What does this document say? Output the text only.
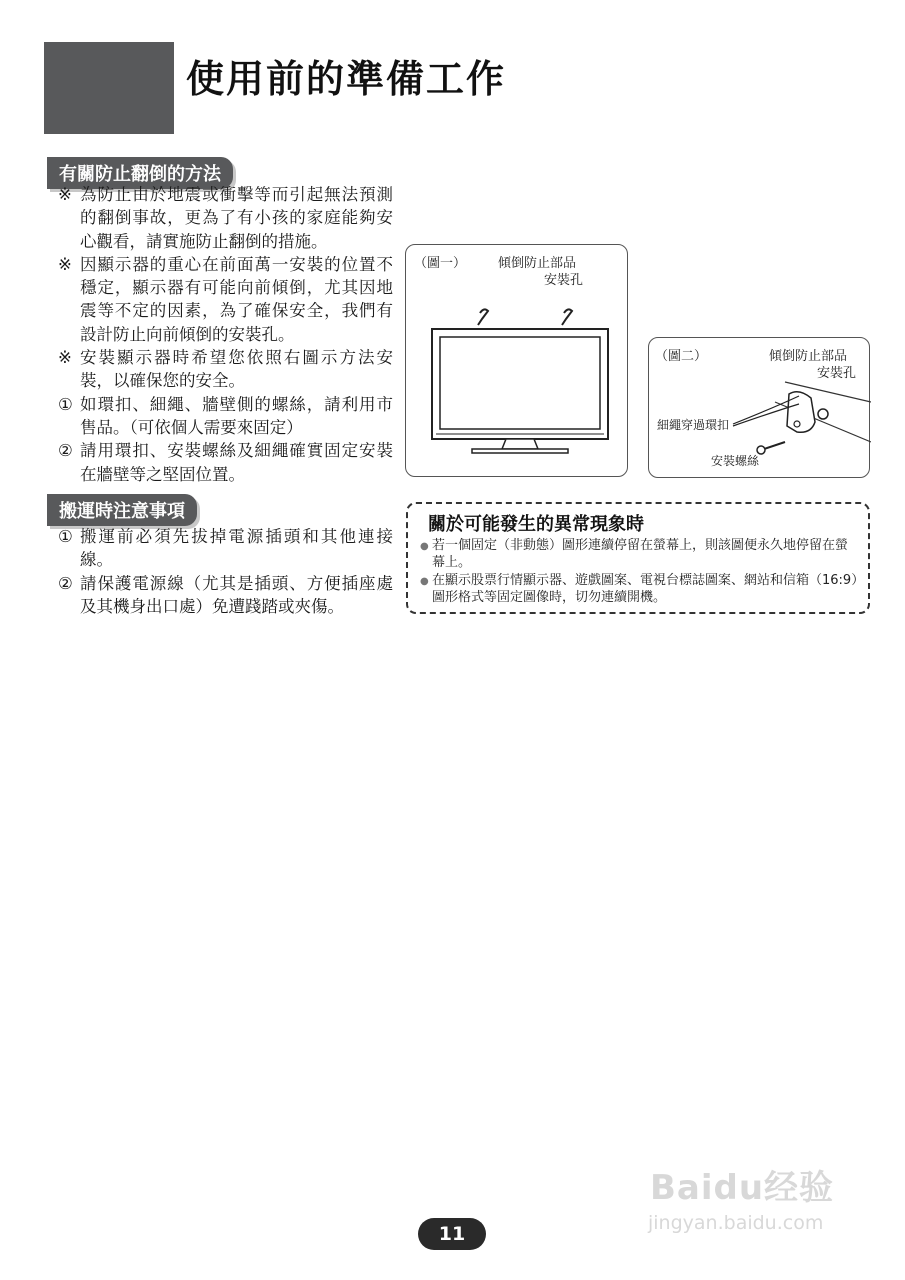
使用前的準備工作
有關防止翻倒的方法
※ 為防止由於地震或衝擊等而引起無法預測的翻倒事故，更為了有小孩的家庭能夠安心觀看，請實施防止翻倒的措施。
※ 因顯示器的重心在前面萬一安裝的位置不穩定，顯示器有可能向前傾倒，尤其因地震等不定的因素，為了確保安全，我們有設計防止向前傾倒的安裝孔。
※ 安裝顯示器時希望您依照右圖示方法安裝，以確保您的安全。
① 如環扣、細繩、牆壁側的螺絲，請利用市售品。（可依個人需要來固定）
② 請用環扣、安裝螺絲及細繩確實固定安裝在牆壁等之堅固位置。
搬運時注意事項
① 搬運前必須先拔掉電源插頭和其他連接線。
② 請保護電源線（尤其是插頭、方便插座處及其機身出口處）免遭踐踏或夾傷。
（圖一） 傾倒防止部品
安裝孔
（圖二）	傾倒防止部品
安裝孔
細繩穿過環扣
安裝螺絲
關於可能發生的異常現象時
● 若一個固定（非動態）圖形連續停留在螢幕上，則該圖便永久地停留在螢幕上。
● 在顯示股票行情顯示器、遊戲圖案、電視台標誌圖案、網站和信箱（16:9）圖形格式等固定圖像時，切勿連續開機。
11
Baidu经验
jingyan.baidu.com
